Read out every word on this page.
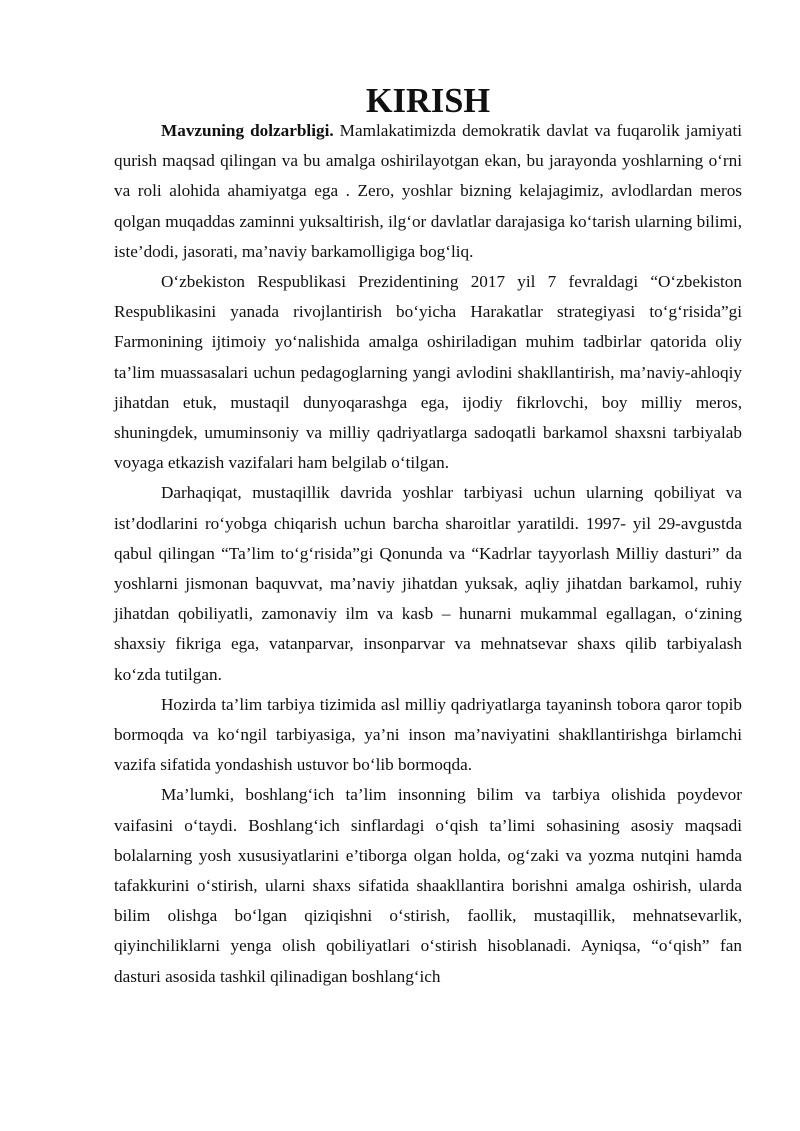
KIRISH

Mavzuning dolzarbligi. Mamlakatimizda demokratik davlat va fuqarolik jamiyati qurish maqsad qilingan va bu amalga oshirilayotgan ekan, bu jarayonda yoshlarning o‘rni va roli alohida ahamiyatga ega . Zero, yoshlar bizning kelajagimiz, avlodlardan meros qolgan muqaddas zaminni yuksaltirish, ilg‘or davlatlar darajasiga ko‘tarish ularning bilimi, iste’dodi, jasorati, ma’naviy barkamolligiga bog‘liq.

O‘zbekiston Respublikasi Prezidentining 2017 yil 7 fevraldagi “O‘zbekiston Respublikasini yanada rivojlantirish bo‘yicha Harakatlar strategiyasi to‘g‘risida”gi Farmonining ijtimoiy yo‘nalishida amalga oshiriladigan muhim tadbirlar qatorida oliy ta’lim muassasalari uchun pedagoglarning yangi avlodini shakllantirish, ma’naviy-ahloqiy jihatdan etuk, mustaqil dunyoqarashga ega, ijodiy fikrlovchi, boy milliy meros, shuningdek, umuminsoniy va milliy qadriyatlarga sadoqatli barkamol shaxsni tarbiyalab voyaga etkazish vazifalari ham belgilab o‘tilgan.

Darhaqiqat, mustaqillik davrida yoshlar tarbiyasi uchun ularning qobiliyat va ist’dodlarini ro‘yobga chiqarish uchun barcha sharoitlar yaratildi. 1997- yil 29-avgustda qabul qilingan “Ta’lim to‘g‘risida”gi Qonunda va “Kadrlar tayyorlash Milliy dasturi” da yoshlarni jismonan baquvvat, ma’naviy jihatdan yuksak, aqliy jihatdan barkamol, ruhiy jihatdan qobiliyatli, zamonaviy ilm va kasb – hunarni mukammal egallagan, o‘zining shaxsiy fikriga ega, vatanparvar, insonparvar va mehnatsevar shaxs qilib tarbiyalash ko‘zda tutilgan.

Hozirda ta’lim tarbiya tizimida asl milliy qadriyatlarga tayaninsh tobora qaror topib bormoqda va ko‘ngil tarbiyasiga, ya’ni inson ma’naviyatini shakllantirishga birlamchi vazifa sifatida yondashish ustuvor bo‘lib bormoqda.

Ma’lumki, boshlang‘ich ta’lim insonning bilim va tarbiya olishida poydevor vaifasini o‘taydi. Boshlang‘ich sinflardagi o‘qish ta’limi sohasining asosiy maqsadi bolalarning yosh xususiyatlarini e’tiborga olgan holda, og‘zaki va yozma nutqini hamda tafakkurini o‘stirish, ularni shaxs sifatida shaakllantira borishni amalga oshirish, ularda bilim olishga bo‘lgan qiziqishni o‘stirish, faollik, mustaqillik, mehnatsevarlik, qiyinchiliklarni yenga olish qobiliyatlari o‘stirish hisoblanadi. Ayniqsa, “o‘qish” fan dasturi asosida tashkil qilinadigan boshlang‘ich
